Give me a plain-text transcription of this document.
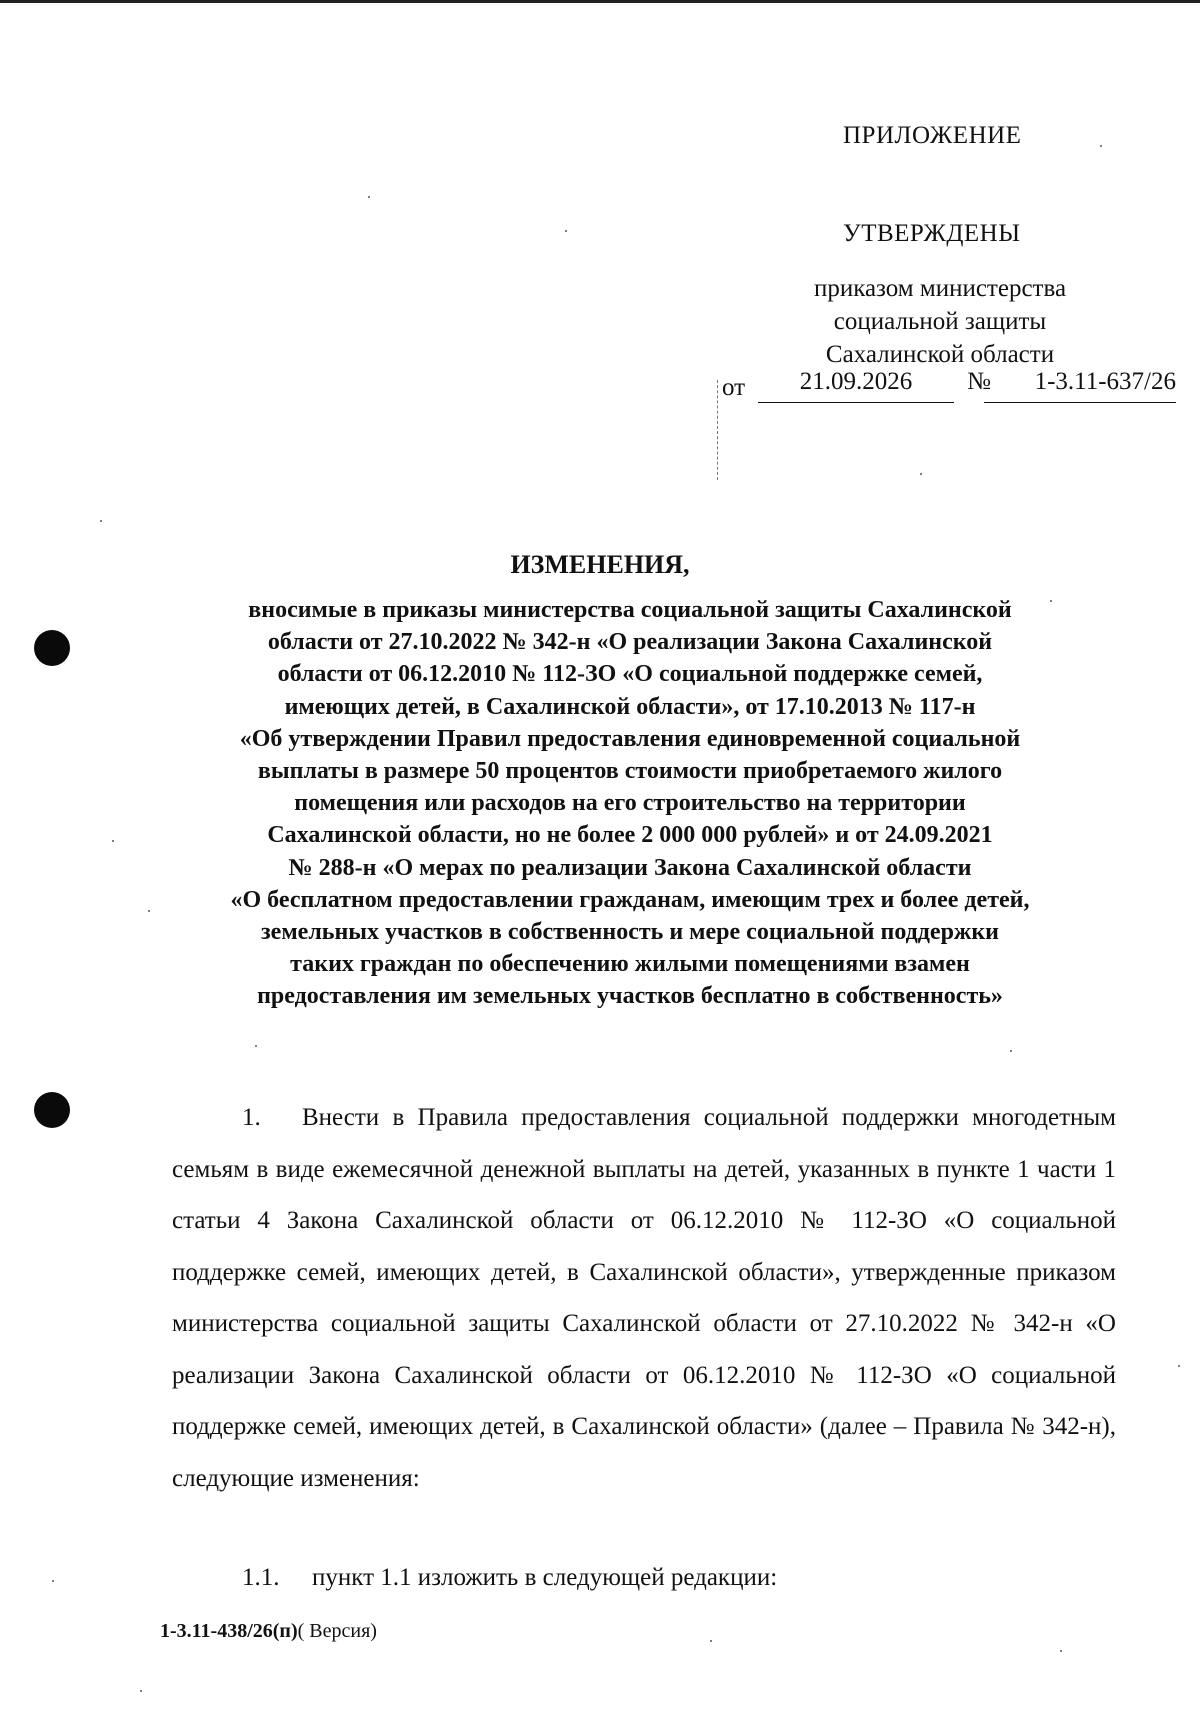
ПРИЛОЖЕНИЕ
УТВЕРЖДЕНЫ
приказом министерства
социальной защиты
Сахалинской области
от	21.09.2026	№	1-3.11-637/26
ИЗМЕНЕНИЯ,
вносимые в приказы министерства социальной защиты Сахалинской
области от 27.10.2022 № 342-н «О реализации Закона Сахалинской
области от 06.12.2010 № 112-ЗО «О социальной поддержке семей,
имеющих детей, в Сахалинской области», от 17.10.2013 № 117-н
«Об утверждении Правил предоставления единовременной социальной
выплаты в размере 50 процентов стоимости приобретаемого жилого
помещения или расходов на его строительство на территории
Сахалинской области, но не более 2 000 000 рублей» и от 24.09.2021
№ 288-н «О мерах по реализации Закона Сахалинской области
«О бесплатном предоставлении гражданам, имеющим трех и более детей,
земельных участков в собственность и мере социальной поддержки
таких граждан по обеспечению жилыми помещениями взамен
предоставления им земельных участков бесплатно в собственность»

1. Внести в Правила предоставления социальной поддержки многодетным семьям в виде ежемесячной денежной выплаты на детей, указанных в пункте 1 части 1 статьи 4 Закона Сахалинской области от 06.12.2010 № 112-ЗО «О социальной поддержке семей, имеющих детей, в Сахалинской области», утвержденные приказом министерства социальной защиты Сахалинской области от 27.10.2022 № 342-н «О реализации Закона Сахалинской области от 06.12.2010 № 112-ЗО «О социальной поддержке семей, имеющих детей, в Сахалинской области» (далее – Правила № 342-н), следующие изменения:

1.1. пункт 1.1 изложить в следующей редакции:
1-3.11-438/26(п)( Версия)
